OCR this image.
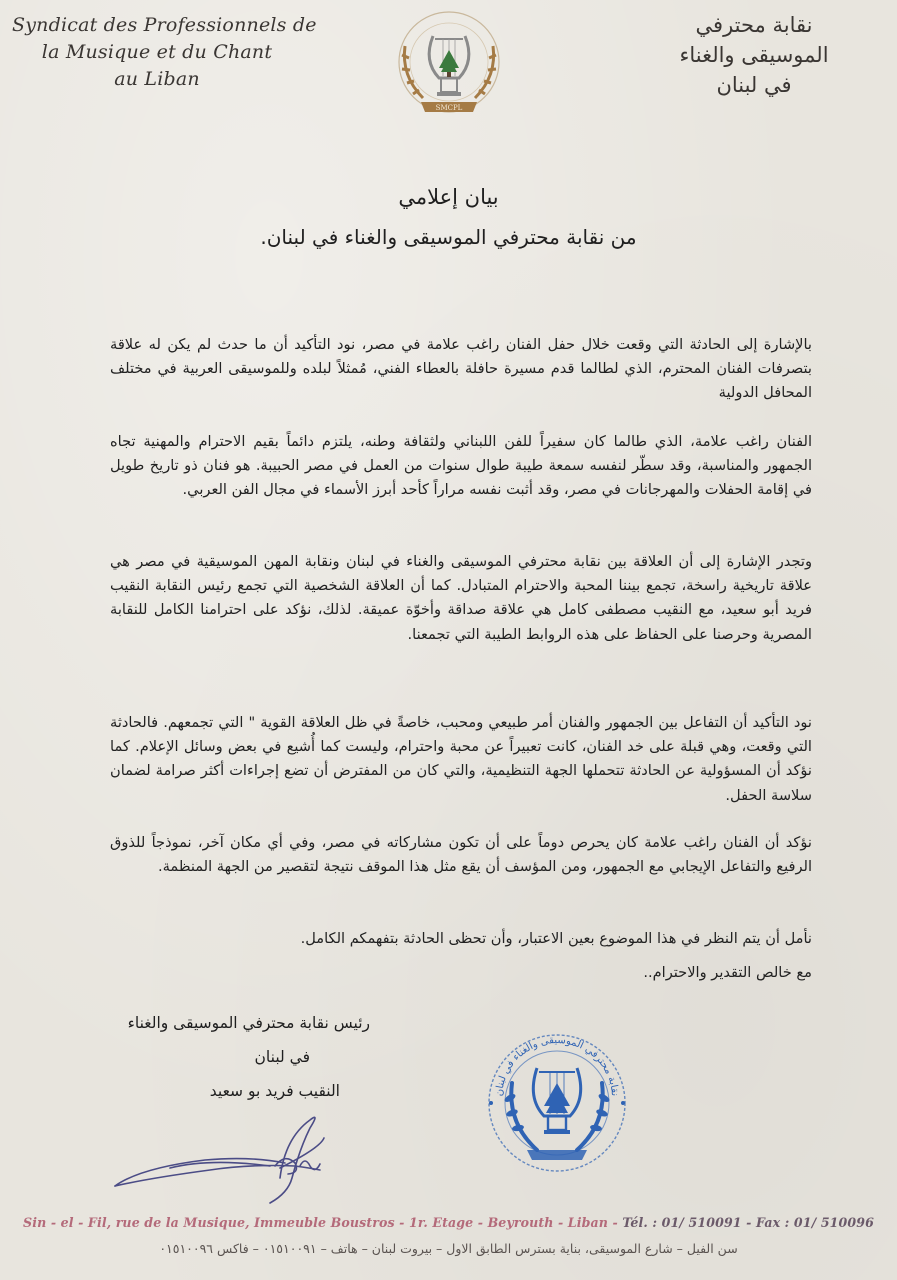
Syndicat des Professionnels de
la Musique et du Chant
au Liban
SMCPL
نقابة محترفي
الموسيقى والغناء
في لبنان
بيان إعلامي
من نقابة محترفي الموسيقى والغناء في لبنان.

بالإشارة إلى الحادثة التي وقعت خلال حفل الفنان راغب علامة في مصر، نود التأكيد أن ما حدث لم يكن له علاقة بتصرفات الفنان المحترم، الذي لطالما قدم مسيرة حافلة بالعطاء الفني، مُمثلاً لبلده وللموسيقى العربية في مختلف المحافل الدولية

الفنان راغب علامة، الذي طالما كان سفيراً للفن اللبناني ولثقافة وطنه، يلتزم دائماً بقيم الاحترام والمهنية تجاه الجمهور والمناسبة، وقد سطّر لنفسه سمعة طيبة طوال سنوات من العمل في مصر الحبيبة. هو فنان ذو تاريخ طويل في إقامة الحفلات والمهرجانات في مصر، وقد أثبت نفسه مراراً كأحد أبرز الأسماء في مجال الفن العربي.

وتجدر الإشارة إلى أن العلاقة بين نقابة محترفي الموسيقى والغناء في لبنان ونقابة المهن الموسيقية في مصر هي علاقة تاريخية راسخة، تجمع بيننا المحبة والاحترام المتبادل. كما أن العلاقة الشخصية التي تجمع رئيس النقابة النقيب فريد أبو سعيد، مع النقيب مصطفى كامل هي علاقة صداقة وأخوّة عميقة. لذلك، نؤكد على احترامنا الكامل للنقابة المصرية وحرصنا على الحفاظ على هذه الروابط الطيبة التي تجمعنا.

نود التأكيد أن التفاعل بين الجمهور والفنان أمر طبيعي ومحبب، خاصةً في ظل العلاقة القوية " التي تجمعهم. فالحادثة التي وقعت، وهي قبلة على خد الفنان، كانت تعبيراً عن محبة واحترام، وليست كما أُشيع في بعض وسائل الإعلام. كما نؤكد أن المسؤولية عن الحادثة تتحملها الجهة التنظيمية، والتي كان من المفترض أن تضع إجراءات أكثر صرامة لضمان سلاسة الحفل.

نؤكد أن الفنان راغب علامة كان يحرص دوماً على أن تكون مشاركاته في مصر، وفي أي مكان آخر، نموذجاً للذوق الرفيع والتفاعل الإيجابي مع الجمهور، ومن المؤسف أن يقع مثل هذا الموقف نتيجة لتقصير من الجهة المنظمة.

نأمل أن يتم النظر في هذا الموضوع بعين الاعتبار، وأن تحظى الحادثة بتفهمكم الكامل.

مع خالص التقدير والاحترام..

رئيس نقابة محترفي الموسيقى والغناء
في لبنان
النقيب فريد بو سعيد	نقابة محترفي الموسيقى والغناء في لبنان
Sin - el - Fil, rue de la Musique, Immeuble Boustros - 1r. Etage - Beyrouth - Liban - Tél. : 01/ 510091 - Fax : 01/ 510096
سن الفيل – شارع الموسيقى، بناية بسترس الطابق الاول – بيروت لبنان – هاتف – ٠١٥١٠٠٩١ – فاكس ٠١٥١٠٠٩٦
